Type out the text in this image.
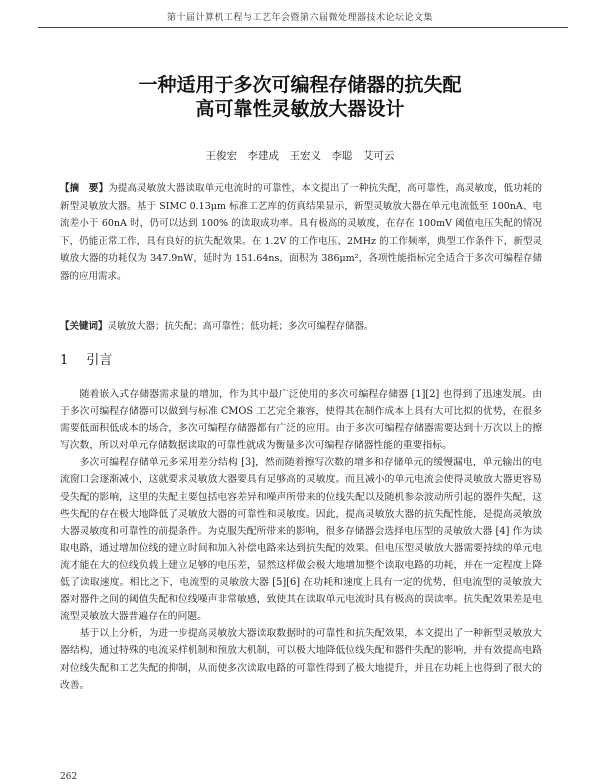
第十届计算机工程与工艺年会暨第六届微处理器技术论坛论文集
一种适用于多次可编程存储器的抗失配
高可靠性灵敏放大器设计
王俊宏　李建成　王宏义　李聪　艾可云
【摘　要】为提高灵敏放大器读取单元电流时的可靠性，本文提出了一种抗失配，高可靠性，高灵敏度，低功耗的新型灵敏放大器。基于 SIMC 0.13μm 标准工艺库的仿真结果显示，新型灵敏放大器在单元电流低至 100nA、电流差小于 60nA 时，仍可以达到 100% 的读取成功率。具有极高的灵敏度，在存在 100mV 阈值电压失配的情况下，仍能正常工作，具有良好的抗失配效果。在 1.2V 的工作电压、2MHz 的工作频率，典型工作条件下，新型灵敏放大器的功耗仅为 347.9nW，延时为 151.64ns，面积为 386μm²，各项性能指标完全适合于多次可编程存储器的应用需求。
【关键词】灵敏放大器；抗失配；高可靠性；低功耗；多次可编程存储器。
1 引言

随着嵌入式存储器需求量的增加，作为其中最广泛使用的多次可编程存储器 [1][2] 也得到了迅速发展。由于多次可编程存储器可以做到与标准 CMOS 工艺完全兼容，使得其在制作成本上具有大可比拟的优势，在很多需要低面积低成本的场合，多次可编程存储器都有广泛的应用。由于多次可编程存储器需要达到十万次以上的擦写次数，所以对单元存储数据读取的可靠性就成为衡量多次可编程存储器性能的重要指标。

多次可编程存储单元多采用差分结构 [3]，然而随着擦写次数的增多和存储单元的缓慢漏电，单元输出的电流窗口会逐渐减小，这就要求灵敏放大器要具有足够高的灵敏度。而且减小的单元电流会使得灵敏放大器更容易受失配的影响，这里的失配主要包括电容差异和噪声所带来的位线失配以及随机参杂波动所引起的器件失配，这些失配的存在极大地降低了灵敏放大器的可靠性和灵敏度。因此，提高灵敏放大器的抗失配性能，是提高灵敏放大器灵敏度和可靠性的前提条件。为克服失配所带来的影响，很多存储器会选择电压型的灵敏放大器 [4] 作为读取电路，通过增加位线的建立时间和加入补偿电路来达到抗失配的效果。但电压型灵敏放大器需要持续的单元电流才能在大的位线负载上建立足够的电压差，显然这样做会极大地增加整个读取电路的功耗，并在一定程度上降低了读取速度。相比之下，电流型的灵敏放大器 [5][6] 在功耗和速度上具有一定的优势，但电流型的灵敏放大器对器件之间的阈值失配和位线噪声非常敏感，致使其在读取单元电流时具有极高的误读率。抗失配效果差是电流型灵敏放大器普遍存在的问题。

基于以上分析，为进一步提高灵敏放大器读取数据时的可靠性和抗失配效果，本文提出了一种新型灵敏放大器结构，通过特殊的电流采样机制和预放大机制，可以极大地降低位线失配和器件失配的影响，并有效提高电路对位线失配和工艺失配的抑制，从而使多次读取电路的可靠性得到了极大地提升，并且在功耗上也得到了很大的改善。

262
